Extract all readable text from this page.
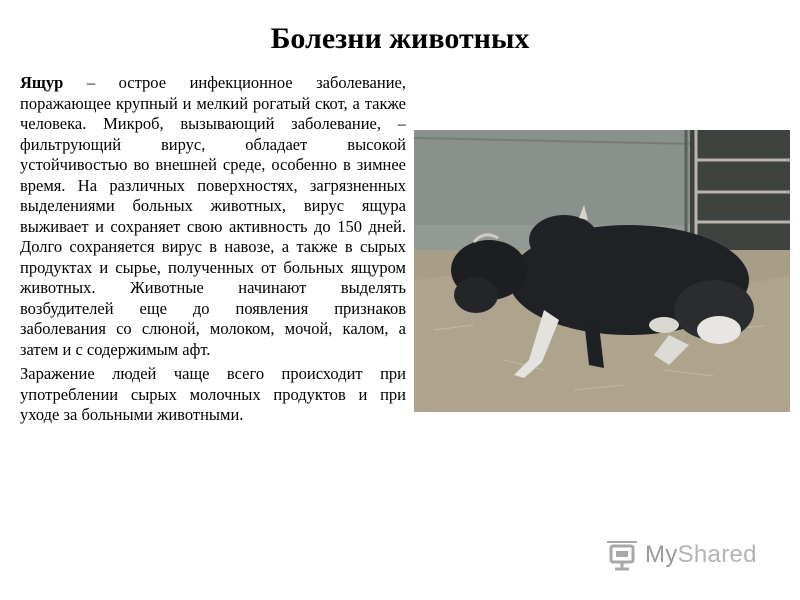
Болезни животных

Ящур – острое инфекционное заболевание, поражающее крупный и мелкий рогатый скот, а также человека. Микроб, вызывающий заболевание, – фильтрующий вирус, обладает высокой устойчивостью во внешней среде, особенно в зимнее время. На различных поверхностях, загрязненных выделениями больных животных, вирус ящура выживает и сохраняет свою активность до 150 дней. Долго сохраняется вирус в навозе, а также в сырых продуктах и сырье, полученных от больных ящуром животных. Животные начинают выделять возбудителей еще до появления признаков заболевания со слюной, молоком, мочой, калом, а затем и с содержимым афт.

Заражение людей чаще всего происходит при употреблении сырых молочных продуктов и при уходе за больными животными.

MyShared
